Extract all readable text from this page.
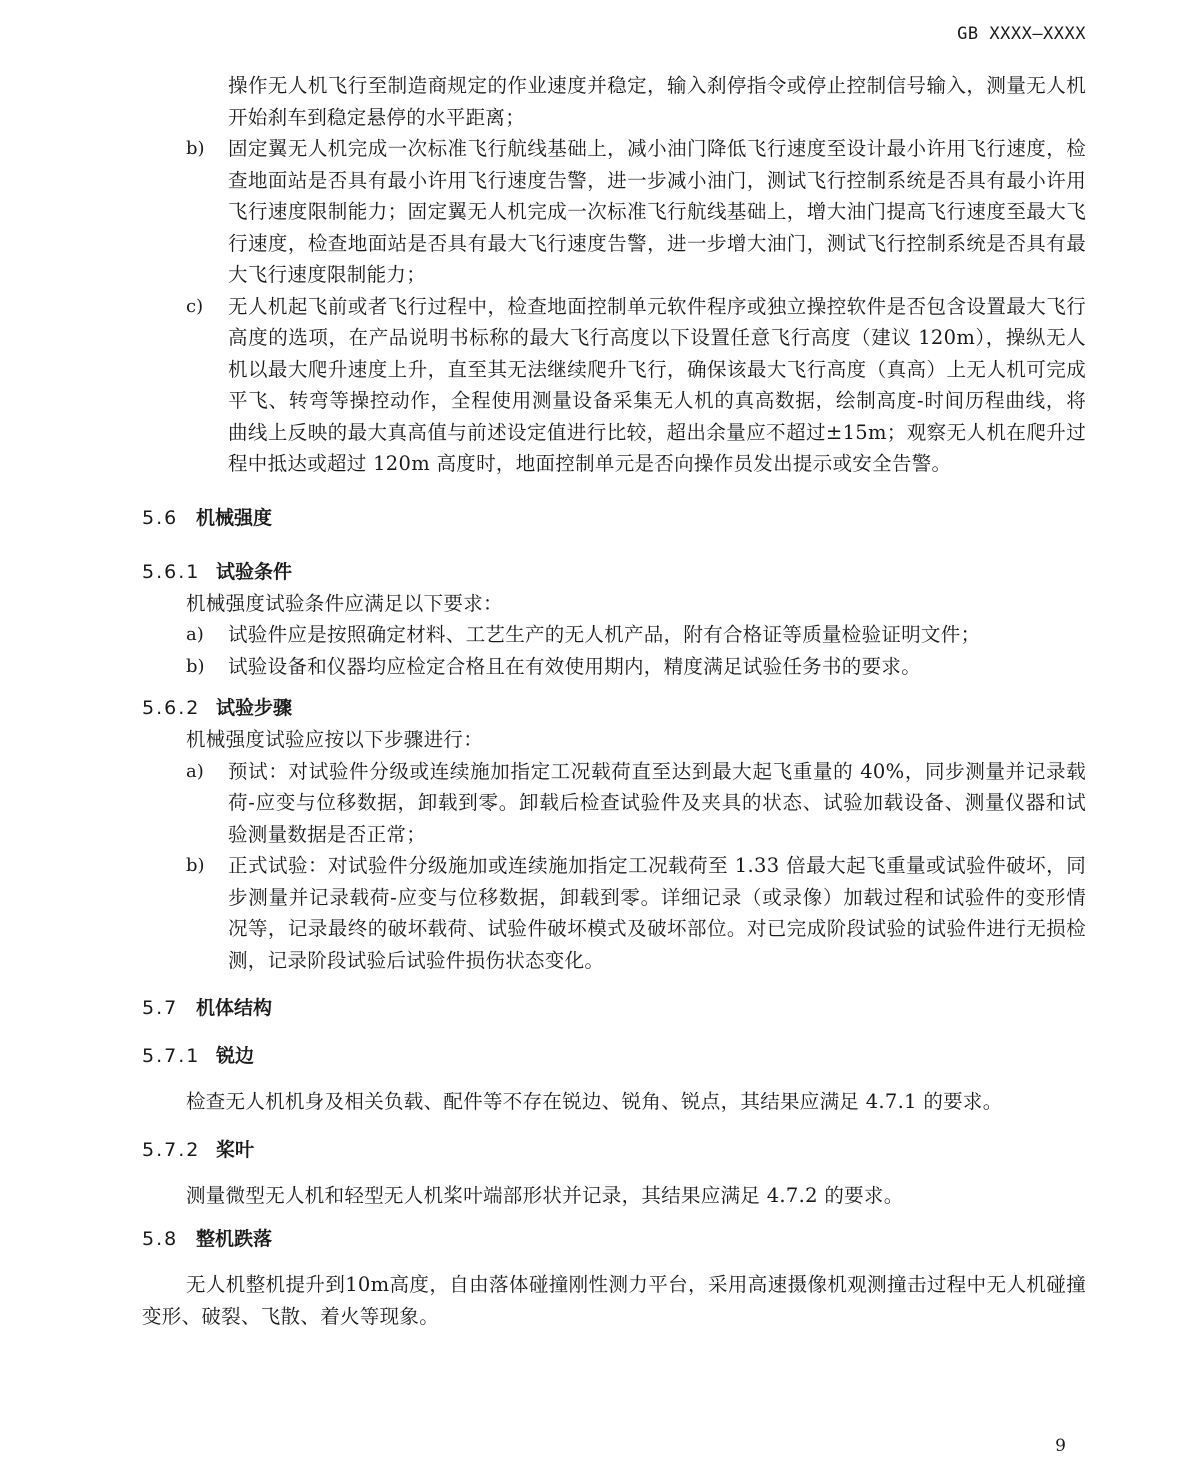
GB XXXX—XXXX
操作无人机飞行至制造商规定的作业速度并稳定，输入刹停指令或停止控制信号输入，测量无人机开始刹车到稳定悬停的水平距离；
b) 固定翼无人机完成一次标准飞行航线基础上，减小油门降低飞行速度至设计最小许用飞行速度，检查地面站是否具有最小许用飞行速度告警，进一步减小油门，测试飞行控制系统是否具有最小许用飞行速度限制能力；固定翼无人机完成一次标准飞行航线基础上，增大油门提高飞行速度至最大飞行速度，检查地面站是否具有最大飞行速度告警，进一步增大油门，测试飞行控制系统是否具有最大飞行速度限制能力；
c) 无人机起飞前或者飞行过程中，检查地面控制单元软件程序或独立操控软件是否包含设置最大飞行高度的选项，在产品说明书标称的最大飞行高度以下设置任意飞行高度（建议 120m），操纵无人机以最大爬升速度上升，直至其无法继续爬升飞行，确保该最大飞行高度（真高）上无人机可完成平飞、转弯等操控动作，全程使用测量设备采集无人机的真高数据，绘制高度-时间历程曲线，将曲线上反映的最大真高值与前述设定值进行比较，超出余量应不超过±15m；观察无人机在爬升过程中抵达或超过 120m 高度时，地面控制单元是否向操作员发出提示或安全告警。
5.6 机械强度
5.6.1 试验条件
机械强度试验条件应满足以下要求：
a) 试验件应是按照确定材料、工艺生产的无人机产品，附有合格证等质量检验证明文件；
b) 试验设备和仪器均应检定合格且在有效使用期内，精度满足试验任务书的要求。
5.6.2 试验步骤
机械强度试验应按以下步骤进行：
a) 预试：对试验件分级或连续施加指定工况载荷直至达到最大起飞重量的 40%，同步测量并记录载荷-应变与位移数据，卸载到零。卸载后检查试验件及夹具的状态、试验加载设备、测量仪器和试验测量数据是否正常；
b) 正式试验：对试验件分级施加或连续施加指定工况载荷至 1.33 倍最大起飞重量或试验件破坏，同步测量并记录载荷-应变与位移数据，卸载到零。详细记录（或录像）加载过程和试验件的变形情况等，记录最终的破坏载荷、试验件破坏模式及破坏部位。对已完成阶段试验的试验件进行无损检测，记录阶段试验后试验件损伤状态变化。
5.7 机体结构
5.7.1 锐边
检查无人机机身及相关负载、配件等不存在锐边、锐角、锐点，其结果应满足 4.7.1 的要求。
5.7.2 桨叶
测量微型无人机和轻型无人机桨叶端部形状并记录，其结果应满足 4.7.2 的要求。
5.8 整机跌落
无人机整机提升到10m高度，自由落体碰撞刚性测力平台，采用高速摄像机观测撞击过程中无人机碰撞变形、破裂、飞散、着火等现象。
9
